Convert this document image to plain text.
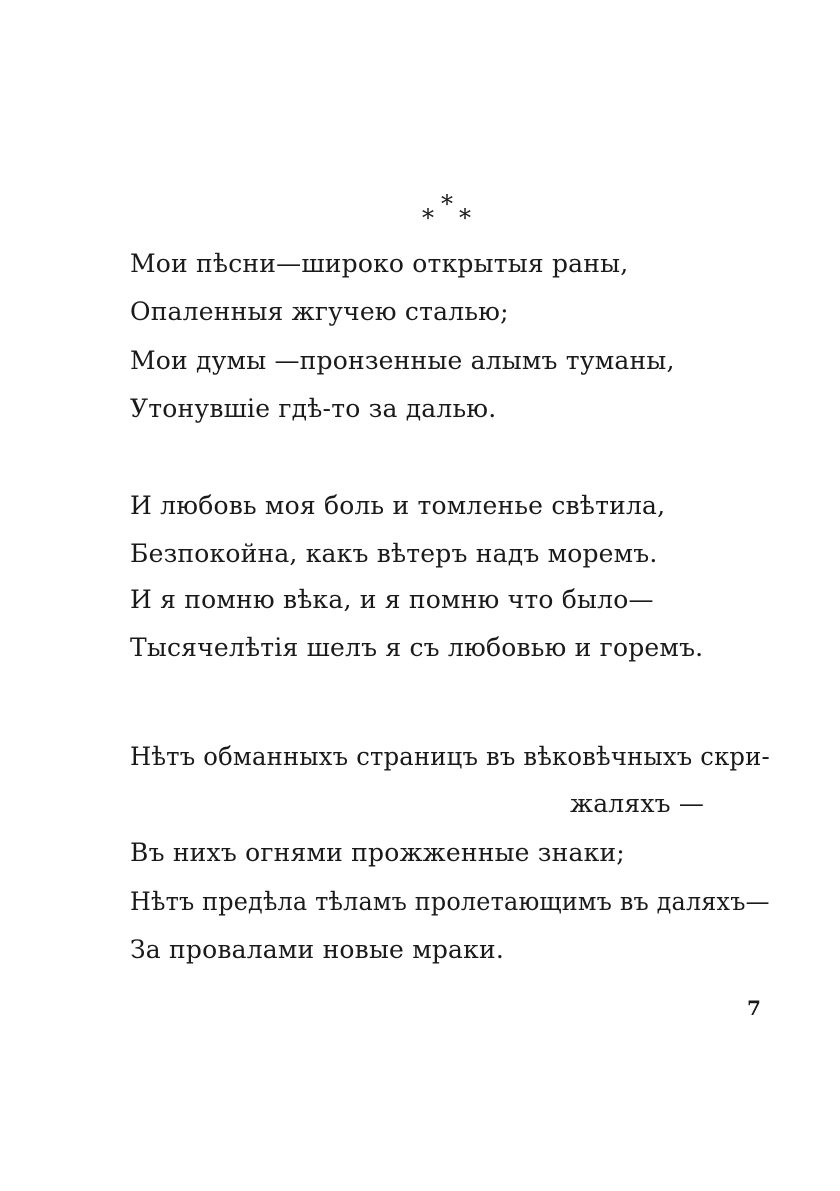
*
* *
Мои пѣсни—широко открытыя раны,
Опаленныя жгучею сталью;
Мои думы —пронзенные алымъ туманы,
Утонувшiе гдѣ-то за далью.
И любовь моя боль и томленье свѣтила,
Безпокойна, какъ вѣтеръ надъ моремъ.
И я помню вѣка, и я помню что было—
Тысячелѣтiя шелъ я съ любовью и горемъ.
Нѣтъ обманныхъ страницъ въ вѣковѣчныхъ скри-
жаляхъ —
Въ нихъ огнями прожженные знаки;
Нѣтъ предѣла тѣламъ пролетающимъ въ даляхъ—
За провалами новые мраки.
7
